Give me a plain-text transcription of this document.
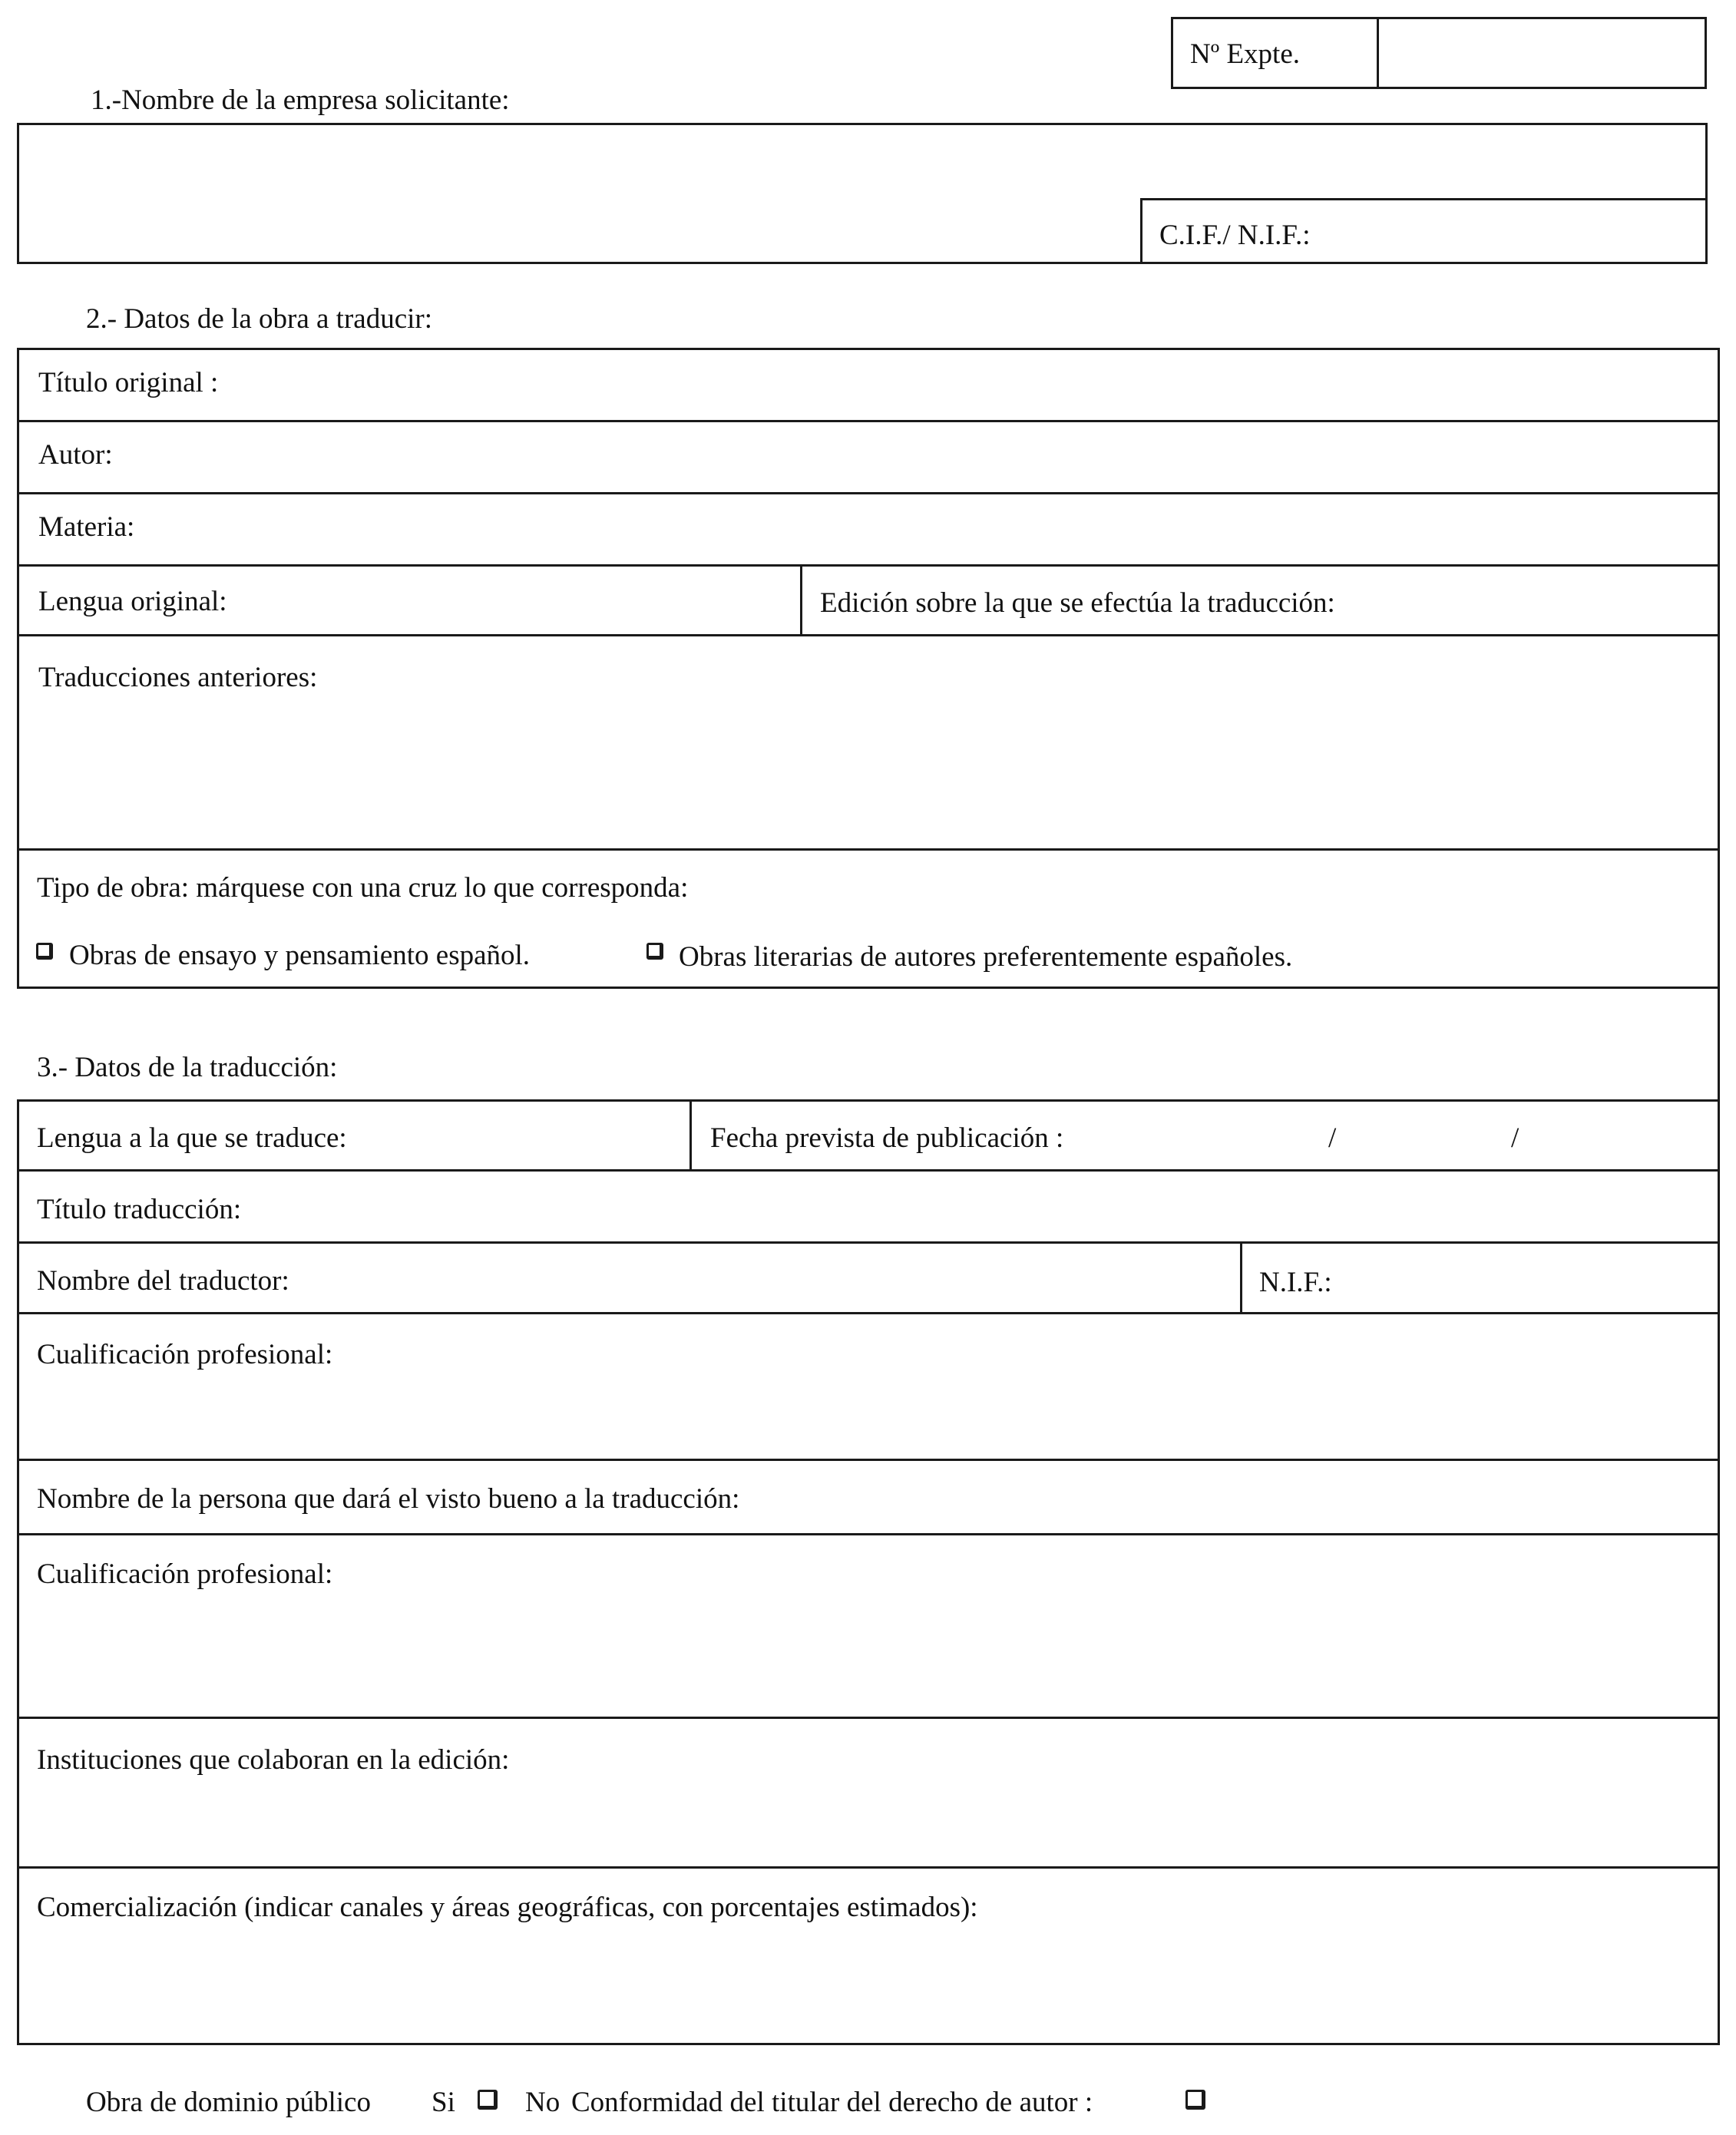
Nº Expte.
1.-Nombre de la empresa solicitante:
C.I.F./ N.I.F.:
2.- Datos de la obra a traducir:
Título original :
Autor:
Materia:
Lengua original:	Edición sobre la que se efectúa la traducción:
Traducciones anteriores:
Tipo de obra: márquese con una cruz lo que corresponda:
Obras de ensayo y pensamiento español.	Obras literarias de autores preferentemente españoles.
3.- Datos de la traducción:
Lengua a la que se traduce:	Fecha prevista de publicación :	/	/
Título traducción:
Nombre del traductor:	N.I.F.:
Cualificación profesional:
Nombre de la persona que dará el visto bueno a la traducción:
Cualificación profesional:
Instituciones que colaboran en la edición:
Comercialización (indicar canales y áreas geográficas, con porcentajes estimados):
Obra de dominio público Si No Conformidad del titular del derecho de autor :
